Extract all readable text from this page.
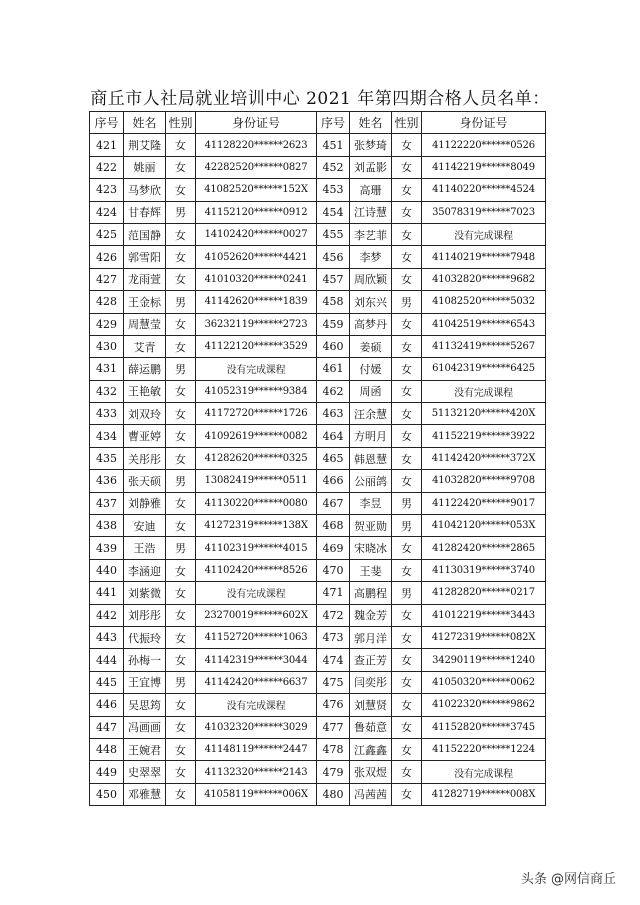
商丘市人社局就业培训中心 2021 年第四期合格人员名单：
序号	姓名	性别	身份证号	序号	姓名	性别	身份证号
421	荆艾隆	女	41128220******2623	451	张梦琦	女	41122220******0526
422	姚丽	女	42282520******0827	452	刘孟影	女	41142219******8049
423	马梦欣	女	41082520******152X	453	高珊	女	41140220******4524
424	甘春辉	男	41152120******0912	454	江诗慧	女	35078319******7023
425	范国静	女	14102420******0027	455	李艺菲	女	没有完成课程
426	郭雪阳	女	41052620******4421	456	李梦	女	41140219******7948
427	龙雨萱	女	41010320******0241	457	周欣颖	女	41032820******9682
428	王金标	男	41142620******1839	458	刘东兴	男	41082520******5032
429	周慧莹	女	36232119******2723	459	高梦丹	女	41042519******6543
430	艾青	女	41122120******3529	460	姜硕	女	41132419******5267
431	薛运鹏	男	没有完成课程	461	付媛	女	61042319******6425
432	王艳敏	女	41052319******9384	462	周函	女	没有完成课程
433	刘双玲	女	41172720******1726	463	汪余慧	女	51132120******420X
434	曹亚婷	女	41092619******0082	464	方明月	女	41152219******3922
435	关彤彤	女	41282620******0325	465	韩恩慧	女	41142420******372X
436	张天硕	男	13082419******0511	466	公丽鸽	女	41032820******9708
437	刘静雅	女	41130220******0080	467	李昱	男	41122420******9017
438	安迪	女	41272319******138X	468	贺亚勋	男	41042120******053X
439	王浩	男	41102319******4015	469	宋晓冰	女	41282420******2865
440	李涵迎	女	41102420******8526	470	王斐	女	41130319******3740
441	刘紫微	女	没有完成课程	471	高鹏程	男	41282820******0217
442	刘彤彤	女	23270019******602X	472	魏金芳	女	41012219******3443
443	代振玲	女	41152720******1063	473	郭月洋	女	41272319******082X
444	孙梅一	女	41142319******3044	474	查正芳	女	34290119******1240
445	王宜博	男	41142420******6637	475	闫奕彤	女	41050320******0062
446	吴思筠	女	没有完成课程	476	刘慧贤	女	41022320******9862
447	冯画画	女	41032320******3029	477	鲁茹意	女	41152820******3745
448	王婉君	女	41148119******2447	478	江鑫鑫	女	41152220******1224
449	史翠翠	女	41132320******2143	479	张双煜	女	没有完成课程
450	邓雅慧	女	41058119******006X	480	冯茜茜	女	41282719******008X
头条 @网信商丘
